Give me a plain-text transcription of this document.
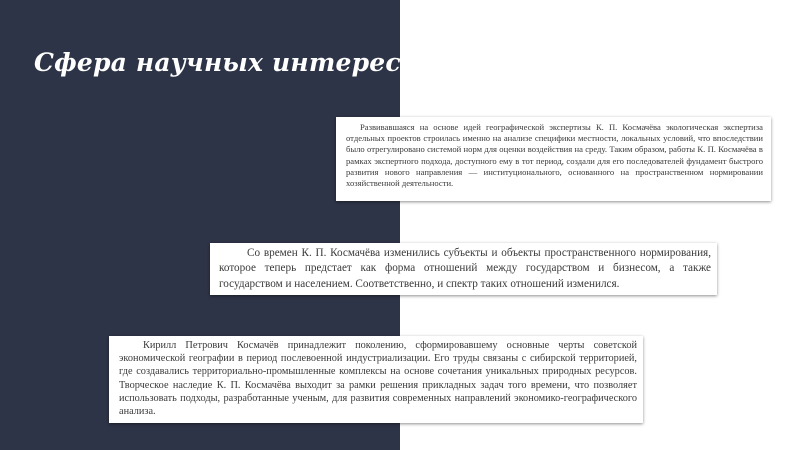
Сфера научных интересов

Развивавшаяся на основе идей географической экспертизы К. П. Космачёва экологическая экспертиза отдельных проектов строилась именно на анализе специфики местности, локальных условий, что впоследствии было отрегулировано системой норм для оценки воздействия на среду. Таким образом, работы К. П. Космачёва в рамках экспертного подхода, доступного ему в тот период, создали для его последователей фундамент быстрого развития нового направления — институционального, основанного на пространственном нормировании хозяйственной деятельности.

Со времен К. П. Космачёва изменились субъекты и объекты пространственного нормирования, которое теперь предстает как форма отношений между государством и бизнесом, а также государством и населением. Соответственно, и спектр таких отношений изменился.

Кирилл Петрович Космачёв принадлежит поколению, сформировавшему основные черты советской экономической географии в период послевоенной индустриализации. Его труды связаны с сибирской территорией, где создавались территориально-промышленные комплексы на основе сочетания уникальных природных ресурсов. Творческое наследие К. П. Космачёва выходит за рамки решения прикладных задач того времени, что позволяет использовать подходы, разработанные ученым, для развития современных направлений экономико-географического анализа.
